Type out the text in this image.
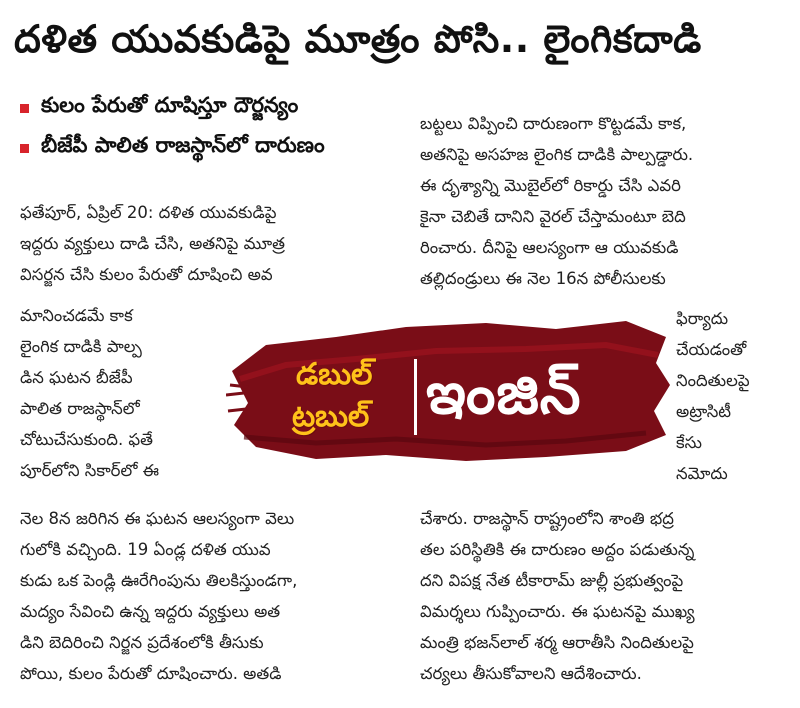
దళిత యువకుడిపై మూత్రం పోసి.. లైంగికదాడి
కులం పేరుతో దూషిస్తూ దౌర్జన్యం
బీజేపీ పాలిత రాజస్థాన్‌లో దారుణం
ఫతేపూర్‌, ఏప్రిల్‌ 20: దళిత యువకుడిపై
ఇద్దరు వ్యక్తులు దాడి చేసి, అతనిపై మూత్ర
విసర్జన చేసి కులం పేరుతో దూషించి అవ
మానించడమే కాక
లైంగిక దాడికి పాల్ప
డిన ఘటన బీజేపీ
పాలిత రాజస్థాన్‌లో
చోటుచేసుకుంది. ఫతే
పూర్‌లోని సికార్‌లో ఈ
నెల 8న జరిగిన ఈ ఘటన ఆలస్యంగా వెలు
గులోకి వచ్చింది. 19 ఏండ్ల దళిత యువ
కుడు ఒక పెండ్లి ఊరేగింపును తిలకిస్తుండగా,
మద్యం సేవించి ఉన్న ఇద్దరు వ్యక్తులు అత
డిని బెదిరించి నిర్జన ప్రదేశంలోకి తీసుకు
పోయి, కులం పేరుతో దూషించారు. అతడి
బట్టలు విప్పించి దారుణంగా కొట్టడమే కాక,
అతనిపై అసహజ లైంగిక దాడికి పాల్పడ్డారు.
ఈ దృశ్యాన్ని మొబైల్‌లో రికార్డు చేసి ఎవరి
కైనా చెబితే దానిని వైరల్‌ చేస్తామంటూ బెది
రించారు. దీనిపై ఆలస్యంగా ఆ యువకుడి
తల్లిదండ్రులు ఈ నెల 16న పోలీసులకు
ఫిర్యాదు
చేయడంతో
నిందితులపై
అట్రాసిటీ
కేసు
నమోదు
చేశారు. రాజస్థాన్‌ రాష్ట్రంలోని శాంతి భద్ర
తల పరిస్థితికి ఈ దారుణం అద్దం పడుతున్న
దని విపక్ష నేత టీకారామ్‌ జుల్లీ ప్రభుత్వంపై
విమర్శలు గుప్పించారు. ఈ ఘటనపై ముఖ్య
మంత్రి భజన్‌లాల్‌ శర్మ ఆరాతీసి నిందితులపై
చర్యలు తీసుకోవాలని ఆదేశించారు.
డబుల్‌
ట్రబుల్‌ ఇంజిన్‌
